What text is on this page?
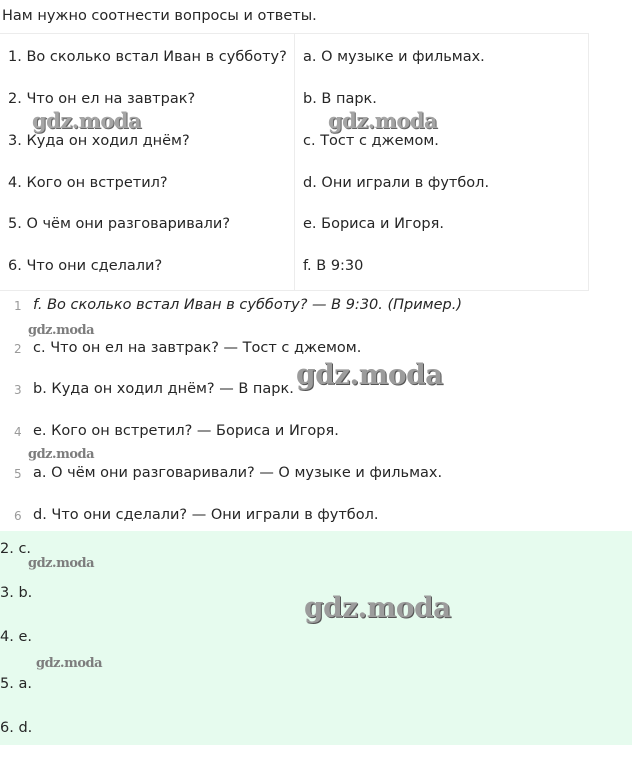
Нам нужно соотнести вопросы и ответы.
1. Во сколько встал Иван в субботу? a. О музыке и фильмах.
2. Что он ел на завтрак?	b. В парк.
3. Куда он ходил днём?	c. Тост с джемом.
4. Кого он встретил?	d. Они играли в футбол.
5. О чём они разговаривали?	e. Бориса и Игоря.
6. Что они сделали?	f. В 9:30
1 f. Во сколько встал Иван в субботу? — В 9:30. (Пример.)
2 c. Что он ел на завтрак? — Тост с джемом.
3 b. Куда он ходил днём? — В парк.
4 e. Кого он встретил? — Бориса и Игоря.
5 a. О чём они разговаривали? — О музыке и фильмах.
6 d. Что они сделали? — Они играли в футбол.
2. c.
3. b.
4. e.
5. a.
6. d.
gdz.moda	gdz.moda
gdz.moda
gdz.moda
gdz.moda
gdz.moda
gdz.moda
gdz.moda
